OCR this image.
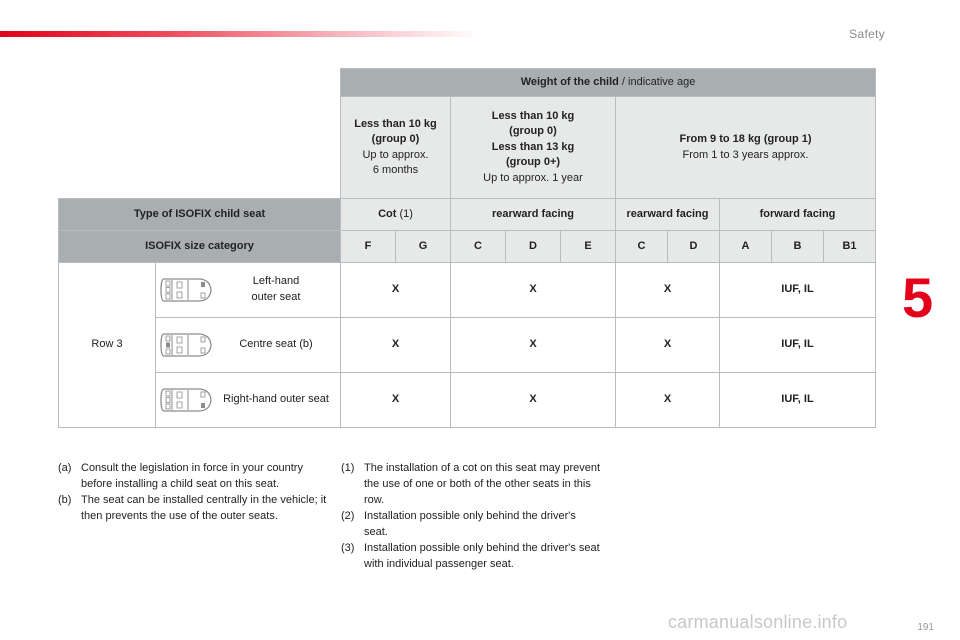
Safety
5
		Weight of the child / indicative age									

		Less than 10 kg
(group 0)
Up to approx.
6 months		Less than 10 kg
(group 0)
Less than 13 kg
(group 0+)
Up to approx. 1 year			From 9 to 18 kg (group 1)
From 1 to 3 years approx.				

Type of ISOFIX child seat		Cot (1)		rearward facing			rearward facing		forward facing		
ISOFIX size category		F	G	C	D	E	C	D	A	B	B1
Row 3	Left-hand
outer seat	X		X			X		IUF, IL		

	Centre seat (b)	X		X			X		IUF, IL		

	Right-hand outer seat	X		X			X		IUF, IL		
(a) Consult the legislation in force in your country before installing a child seat on this seat.
(b) The seat can be installed centrally in the vehicle; it then prevents the use of the outer seats.
(1) The installation of a cot on this seat may prevent the use of one or both of the other seats in this row.
(2) Installation possible only behind the driver's seat.
(3) Installation possible only behind the driver's seat with individual passenger seat.
carmanualsonline.info	191
